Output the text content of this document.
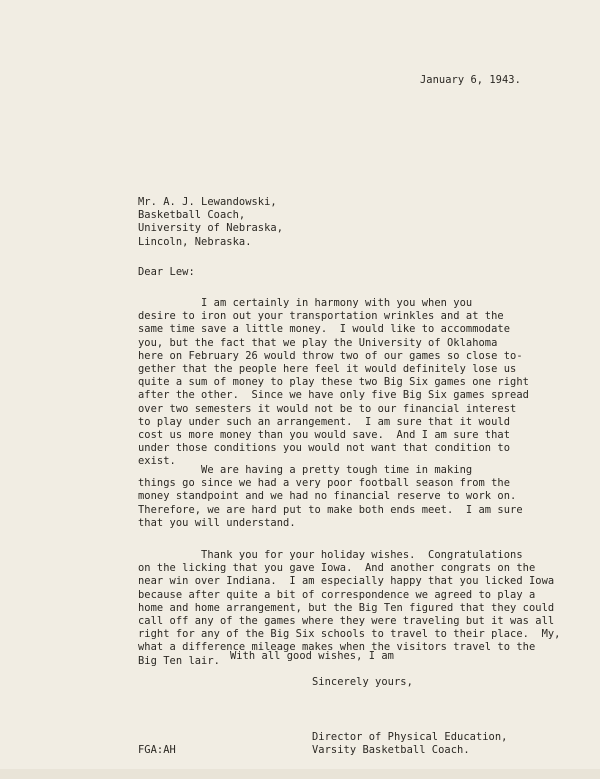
January 6, 1943.
Mr. A. J. Lewandowski,
Basketball Coach,
University of Nebraska,
Lincoln, Nebraska.
Dear Lew:
I am certainly in harmony with you when you
desire to iron out your transportation wrinkles and at the
same time save a little money.  I would like to accommodate
you, but the fact that we play the University of Oklahoma
here on February 26 would throw two of our games so close to-
gether that the people here feel it would definitely lose us
quite a sum of money to play these two Big Six games one right
after the other.  Since we have only five Big Six games spread
over two semesters it would not be to our financial interest
to play under such an arrangement.  I am sure that it would
cost us more money than you would save.  And I am sure that
under those conditions you would not want that condition to
exist.
We are having a pretty tough time in making
things go since we had a very poor football season from the
money standpoint and we had no financial reserve to work on.
Therefore, we are hard put to make both ends meet.  I am sure
that you will understand.
Thank you for your holiday wishes.  Congratulations
on the licking that you gave Iowa.  And another congrats on the
near win over Indiana.  I am especially happy that you licked Iowa
because after quite a bit of correspondence we agreed to play a
home and home arrangement, but the Big Ten figured that they could
call off any of the games where they were traveling but it was all
right for any of the Big Six schools to travel to their place.  My,
what a difference mileage makes when the visitors travel to the
Big Ten lair. With all good wishes, I am
Sincerely yours,
Director of Physical Education,
Varsity Basketball Coach.
FGA:AH
